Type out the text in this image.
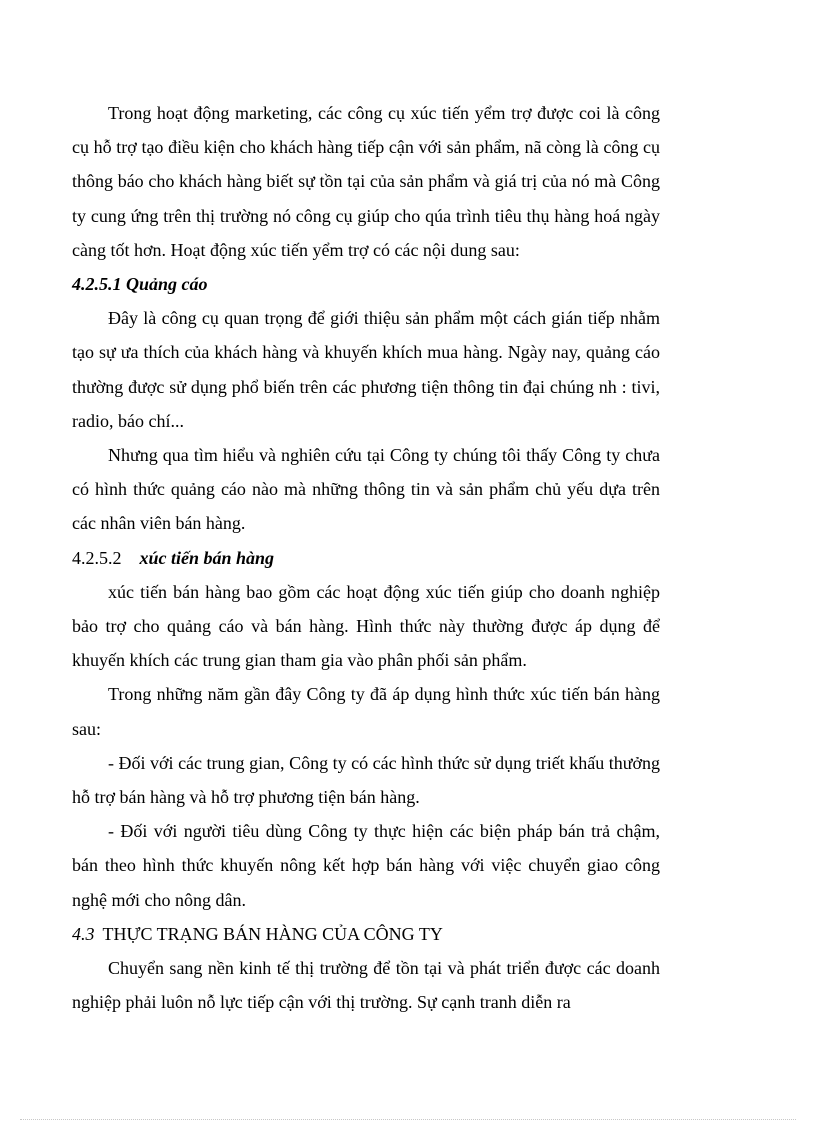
Trong hoạt động marketing, các công cụ xúc tiến yểm trợ được coi là công cụ hỗ trợ tạo điều kiện cho khách hàng tiếp cận với sản phẩm, nã còng là công cụ thông báo cho khách hàng biết sự tồn tại của sản phẩm và giá trị của nó mà Công ty cung ứng trên thị trường nó công cụ giúp cho qúa trình tiêu thụ hàng hoá ngày càng tốt hơn. Hoạt động xúc tiến yểm trợ có các nội dung sau:

4.2.5.1 Quảng cáo

Đây là công cụ quan trọng để giới thiệu sản phẩm một cách gián tiếp nhằm tạo sự ưa thích của khách hàng và khuyến khích mua hàng. Ngày nay, quảng cáo thường được sử dụng phổ biến trên các phương tiện thông tin đại chúng nh : tivi, radio, báo chí...

Nhưng qua tìm hiểu và nghiên cứu tại Công ty chúng tôi thấy Công ty chưa có hình thức quảng cáo nào mà những thông tin và sản phẩm chủ yếu dựa trên các nhân viên bán hàng.

4.2.5.2 xúc tiến bán hàng

xúc tiến bán hàng bao gồm các hoạt động xúc tiến giúp cho doanh nghiệp bảo trợ cho quảng cáo và bán hàng. Hình thức này thường được áp dụng để khuyến khích các trung gian tham gia vào phân phối sản phẩm.

Trong những năm gần đây Công ty đã áp dụng hình thức xúc tiến bán hàng sau:

- Đối với các trung gian, Công ty có các hình thức sử dụng triết khấu thưởng hỗ trợ bán hàng và hỗ trợ phương tiện bán hàng.

- Đối với người tiêu dùng Công ty thực hiện các biện pháp bán trả chậm, bán theo hình thức khuyến nông kết hợp bán hàng với việc chuyển giao công nghệ mới cho nông dân.

4.3 THỰC TRẠNG BÁN HÀNG CỦA CÔNG TY

Chuyển sang nền kinh tế thị trường để tồn tại và phát triển được các doanh nghiệp phải luôn nỗ lực tiếp cận với thị trường. Sự cạnh tranh diễn ra
